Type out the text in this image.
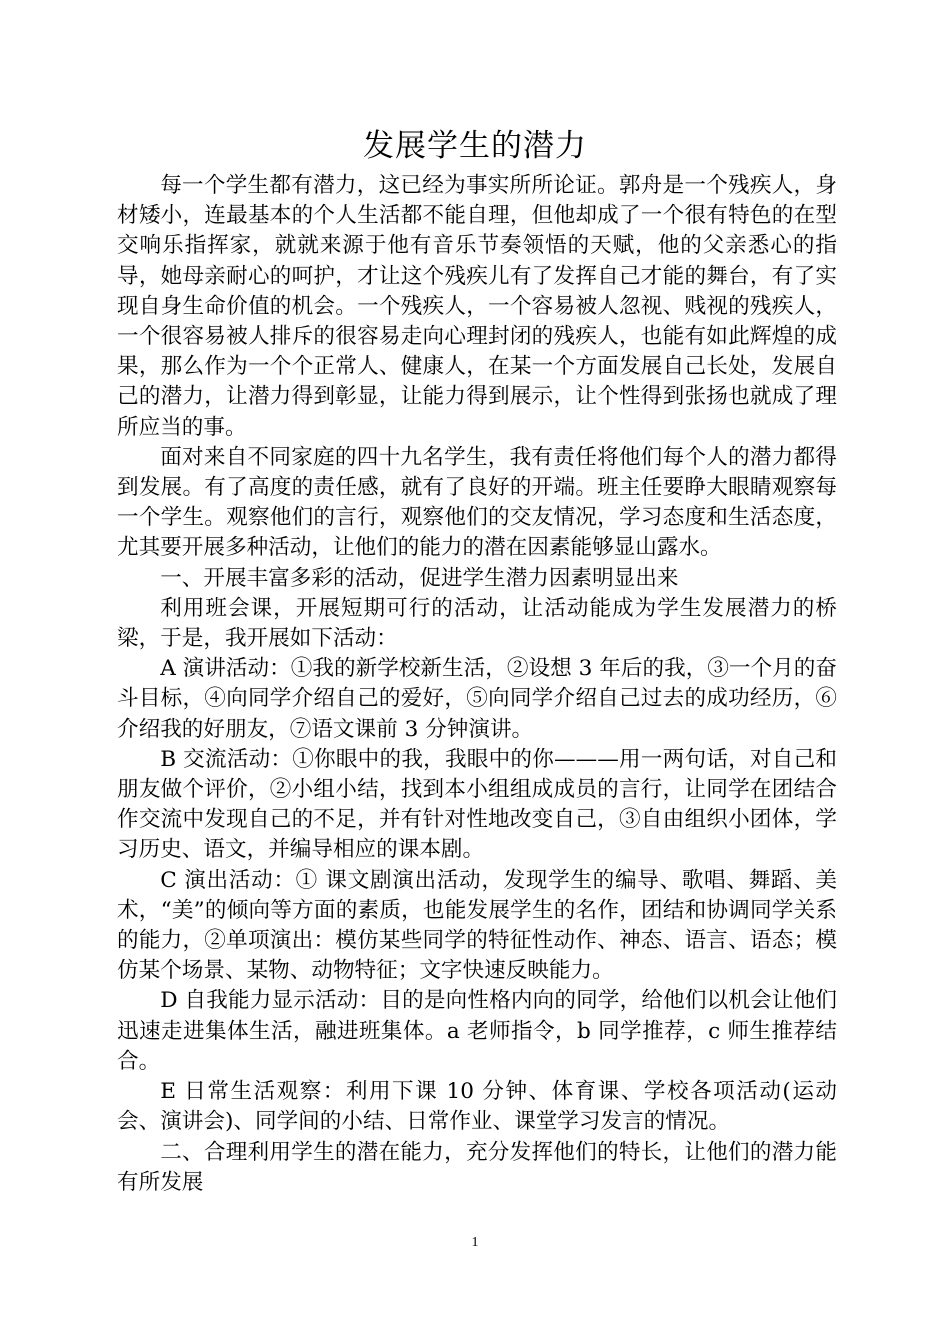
发展学生的潜力

每一个学生都有潜力，这已经为事实所所论证。郭舟是一个残疾人，身材矮小，连最基本的个人生活都不能自理，但他却成了一个很有特色的在型交响乐指挥家，就就来源于他有音乐节奏领悟的天赋，他的父亲悉心的指导，她母亲耐心的呵护，才让这个残疾儿有了发挥自己才能的舞台，有了实现自身生命价值的机会。一个残疾人，一个容易被人忽视、贱视的残疾人，一个很容易被人排斥的很容易走向心理封闭的残疾人，也能有如此辉煌的成果，那么作为一个个正常人、健康人，在某一个方面发展自己长处，发展自己的潜力，让潜力得到彰显，让能力得到展示，让个性得到张扬也就成了理所应当的事。

面对来自不同家庭的四十九名学生，我有责任将他们每个人的潜力都得到发展。有了高度的责任感，就有了良好的开端。班主任要睁大眼睛观察每一个学生。观察他们的言行，观察他们的交友情况，学习态度和生活态度，尤其要开展多种活动，让他们的能力的潜在因素能够显山露水。

一、开展丰富多彩的活动，促进学生潜力因素明显出来

利用班会课，开展短期可行的活动，让活动能成为学生发展潜力的桥梁，于是，我开展如下活动：

A 演讲活动：①我的新学校新生活，②设想 3 年后的我，③一个月的奋斗目标，④向同学介绍自己的爱好，⑤向同学介绍自己过去的成功经历，⑥介绍我的好朋友，⑦语文课前 3 分钟演讲。

B 交流活动：①你眼中的我，我眼中的你———用一两句话，对自己和朋友做个评价，②小组小结，找到本小组组成成员的言行，让同学在团结合作交流中发现自己的不足，并有针对性地改变自己，③自由组织小团体，学习历史、语文，并编导相应的课本剧。

C 演出活动：① 课文剧演出活动，发现学生的编导、歌唱、舞蹈、美术，“美”的倾向等方面的素质，也能发展学生的名作，团结和协调同学关系的能力，②单项演出：模仿某些同学的特征性动作、神态、语言、语态；模仿某个场景、某物、动物特征；文字快速反映能力。

D 自我能力显示活动：目的是向性格内向的同学，给他们以机会让他们迅速走进集体生活，融进班集体。a 老师指令，b 同学推荐，c 师生推荐结合。

E 日常生活观察：利用下课 10 分钟、体育课、学校各项活动(运动会、演讲会)、同学间的小结、日常作业、课堂学习发言的情况。

二、合理利用学生的潜在能力，充分发挥他们的特长，让他们的潜力能有所发展

1
